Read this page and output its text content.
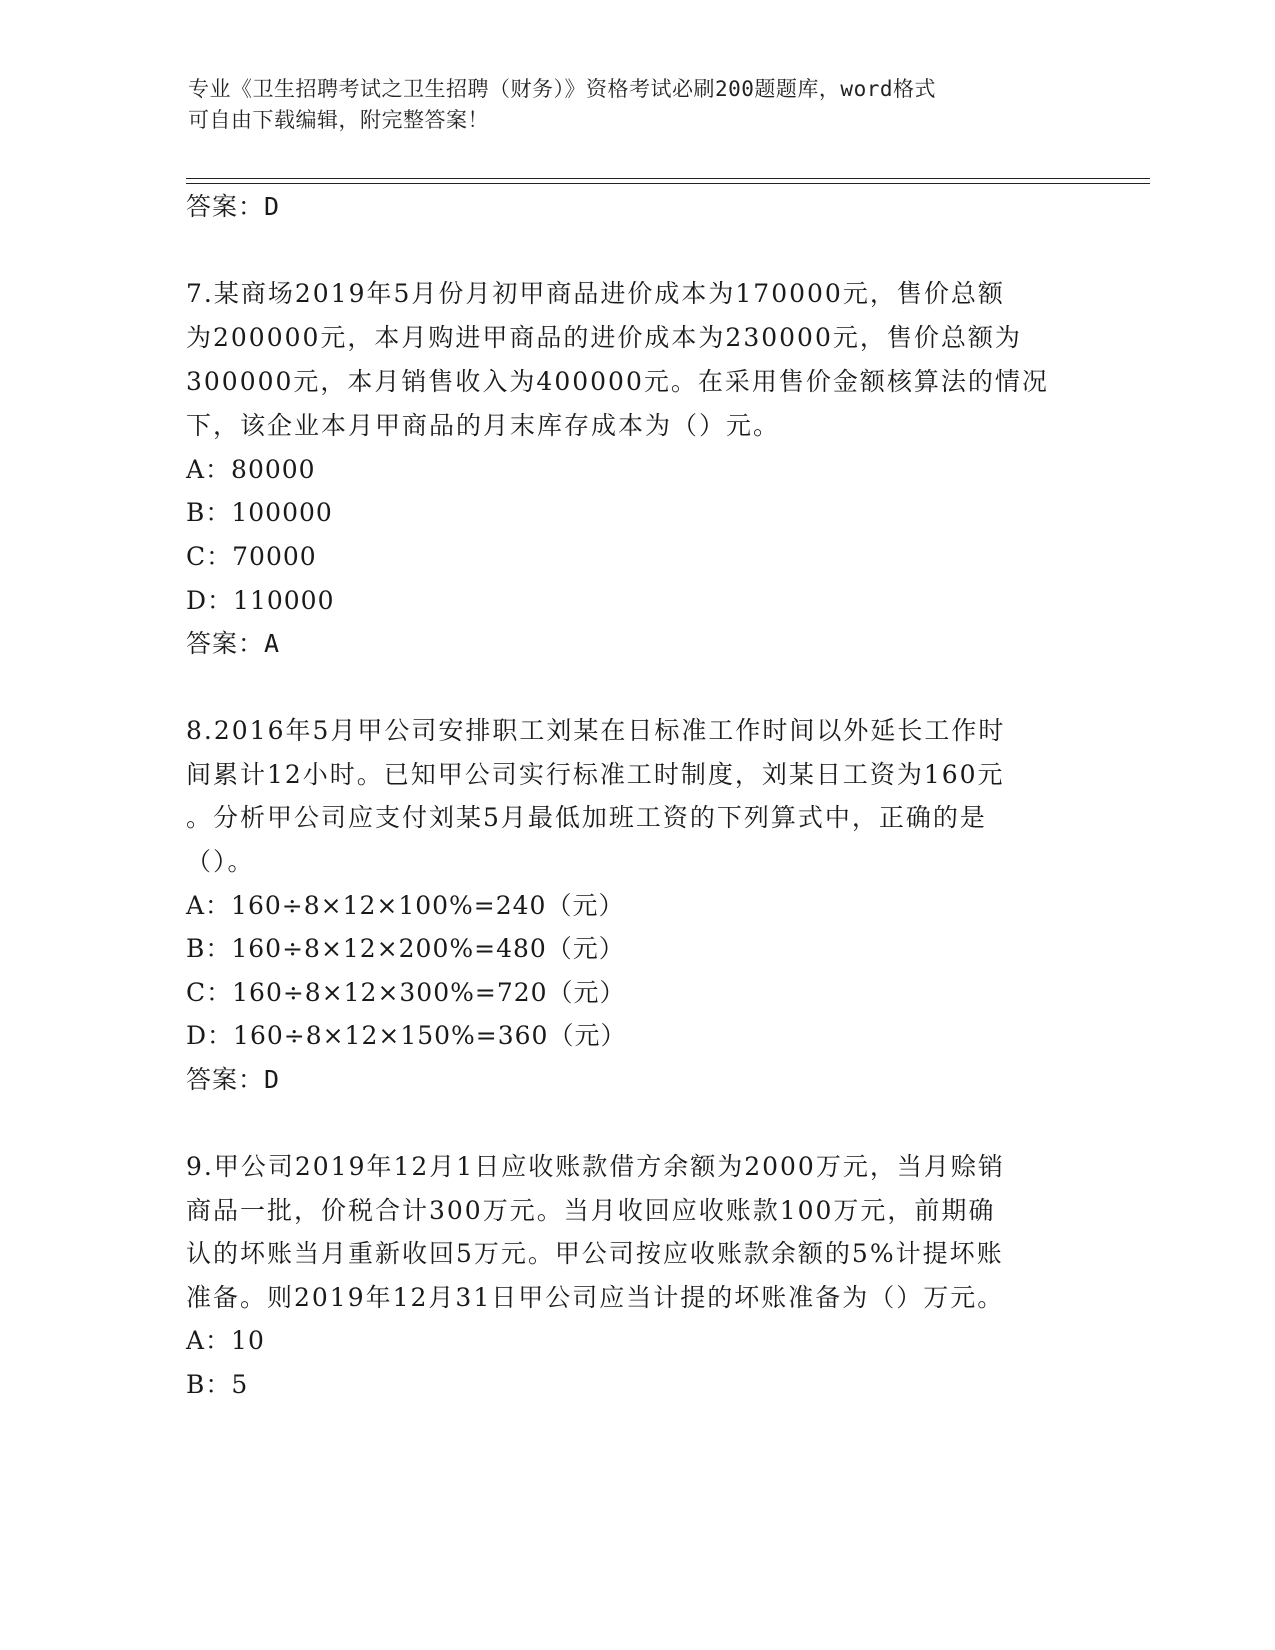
专业《卫生招聘考试之卫生招聘（财务）》资格考试必刷200题题库，word格式
可自由下载编辑，附完整答案！
答案：D
7.某商场2019年5月份月初甲商品进价成本为170000元，售价总额
为200000元，本月购进甲商品的进价成本为230000元，售价总额为
300000元，本月销售收入为400000元。在采用售价金额核算法的情况
下，该企业本月甲商品的月末库存成本为（）元。
A：80000
B：100000
C：70000
D：110000
答案：A
8.2016年5月甲公司安排职工刘某在日标准工作时间以外延长工作时
间累计12小时。已知甲公司实行标准工时制度，刘某日工资为160元
。分析甲公司应支付刘某5月最低加班工资的下列算式中，正确的是
（）。
A：160÷8×12×100%=240（元）
B：160÷8×12×200%=480（元）
C：160÷8×12×300%=720（元）
D：160÷8×12×150%=360（元）
答案：D
9.甲公司2019年12月1日应收账款借方余额为2000万元，当月赊销
商品一批，价税合计300万元。当月收回应收账款100万元，前期确
认的坏账当月重新收回5万元。甲公司按应收账款余额的5%计提坏账
准备。则2019年12月31日甲公司应当计提的坏账准备为（）万元。
A：10
B：5
